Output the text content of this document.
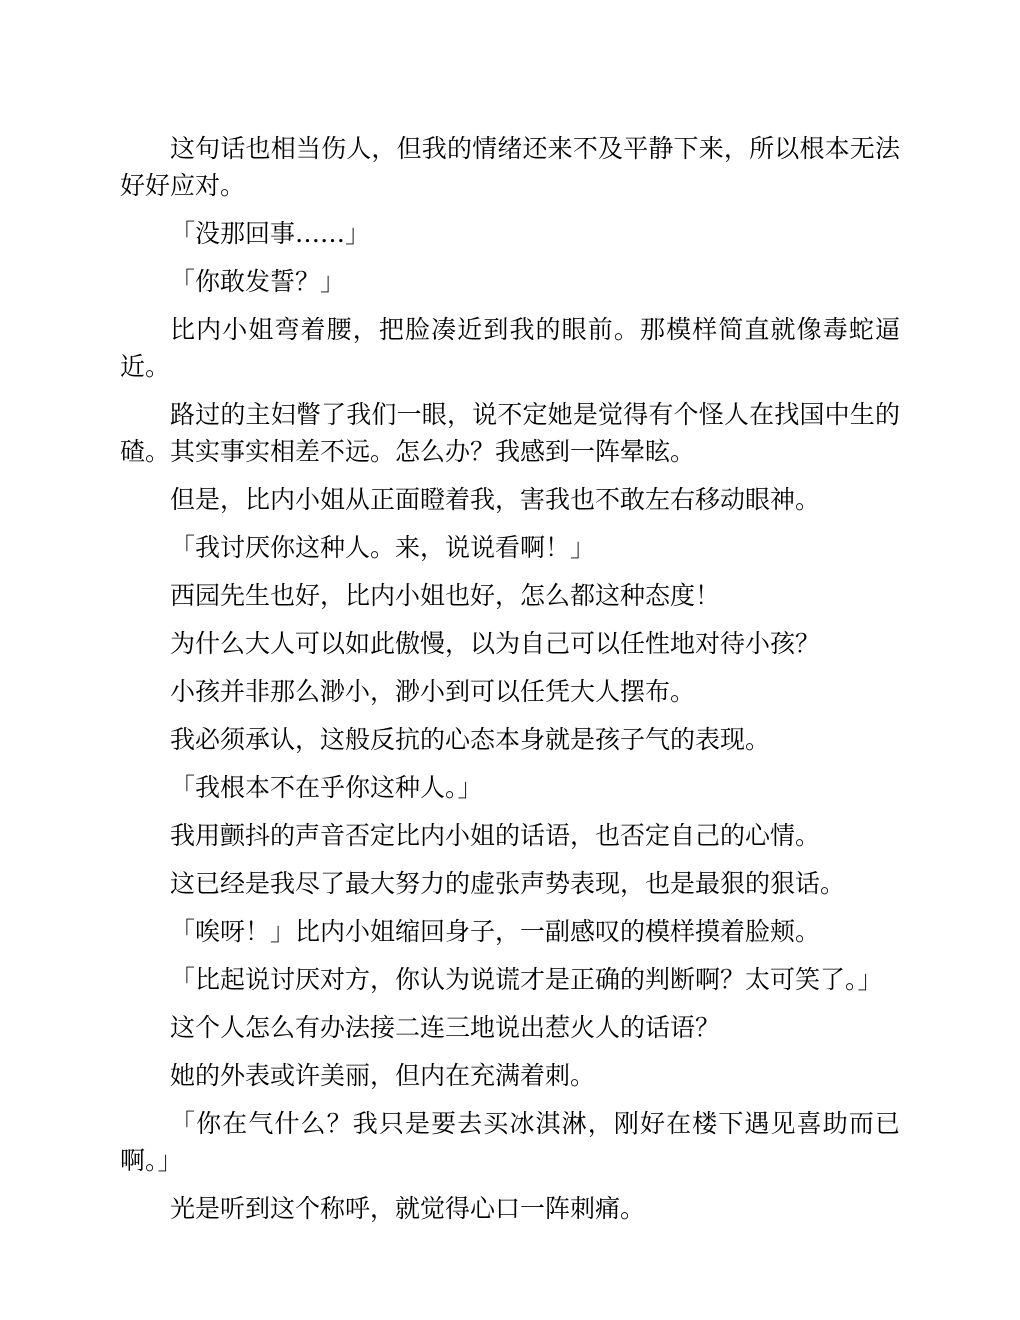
这句话也相当伤人，但我的情绪还来不及平静下来，所以根本无法好好应对。

「没那回事……」

「你敢发誓？」

比内小姐弯着腰，把脸凑近到我的眼前。那模样简直就像毒蛇逼近。

路过的主妇瞥了我们一眼，说不定她是觉得有个怪人在找国中生的碴。其实事实相差不远。怎么办？我感到一阵晕眩。

但是，比内小姐从正面瞪着我，害我也不敢左右移动眼神。

「我讨厌你这种人。来，说说看啊！」

西园先生也好，比内小姐也好，怎么都这种态度！

为什么大人可以如此傲慢，以为自己可以任性地对待小孩？

小孩并非那么渺小，渺小到可以任凭大人摆布。

我必须承认，这般反抗的心态本身就是孩子气的表现。

「我根本不在乎你这种人。」

我用颤抖的声音否定比内小姐的话语，也否定自己的心情。

这已经是我尽了最大努力的虚张声势表现，也是最狠的狠话。

「唉呀！」比内小姐缩回身子，一副感叹的模样摸着脸颊。

「比起说讨厌对方，你认为说谎才是正确的判断啊？太可笑了。」

这个人怎么有办法接二连三地说出惹火人的话语？

她的外表或许美丽，但内在充满着刺。

「你在气什么？我只是要去买冰淇淋，刚好在楼下遇见喜助而已啊。」

光是听到这个称呼，就觉得心口一阵刺痛。
